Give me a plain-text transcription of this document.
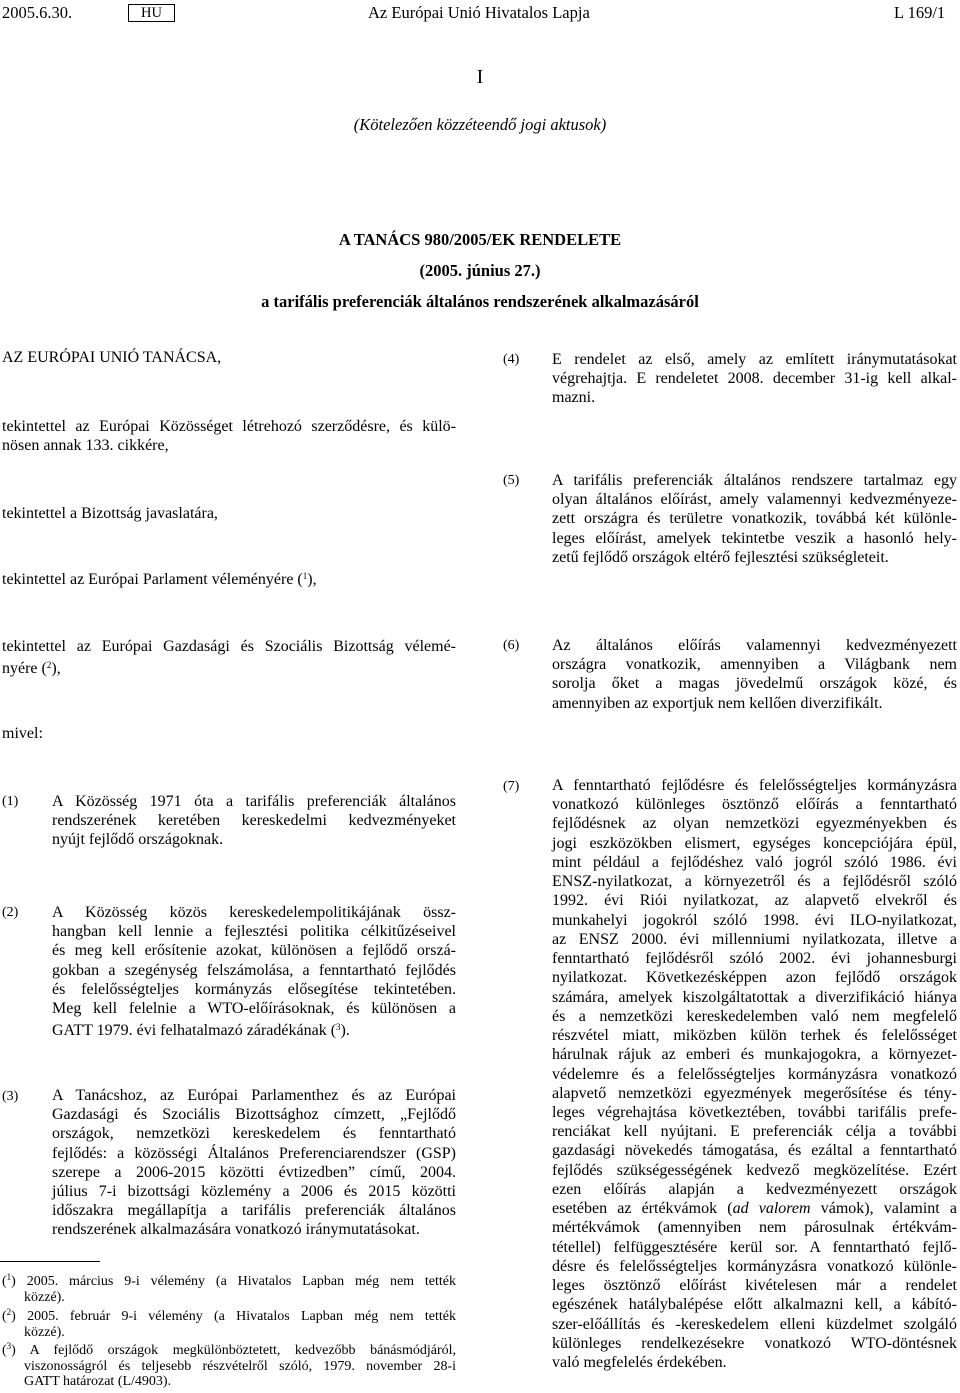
2005.6.30.	HU	Az Európai Unió Hivatalos Lapja	L 169/1
I
(Kötelezően közzéteendő jogi aktusok)
A TANÁCS 980/2005/EK RENDELETE
(2005. június 27.)
a tarifális preferenciák általános rendszerének alkalmazásáról
AZ EURÓPAI UNIÓ TANÁCSA,
tekintettel az Európai Közösséget létrehozó szerződésre, és külö-
nösen annak 133. cikkére,
tekintettel a Bizottság javaslatára,
tekintettel az Európai Parlament véleményére ($^1$),
tekintettel az Európai Gazdasági és Szociális Bizottság vélemé-
nyére ($^2$),
mivel:
(1) A Közösség 1971 óta a tarifális preferenciák általános
rendszerének keretében kereskedelmi kedvezményeket
nyújt fejlődő országoknak.
(2) A Közösség közös kereskedelempolitikájának össz-
hangban kell lennie a fejlesztési politika célkitűzéseivel
és meg kell erősítenie azokat, különösen a fejlődő orszá-
gokban a szegénység felszámolása, a fenntartható fejlődés
és felelősségteljes kormányzás elősegítése tekintetében.
Meg kell felelnie a WTO-előírásoknak, és különösen a
GATT 1979. évi felhatalmazó záradékának ($^3$).
(3) A Tanácshoz, az Európai Parlamenthez és az Európai
Gazdasági és Szociális Bizottsághoz címzett, „Fejlődő
országok, nemzetközi kereskedelem és fenntartható
fejlődés: a közösségi Általános Preferenciarendszer (GSP)
szerepe a 2006-2015 közötti évtizedben” című, 2004.
július 7-i bizottsági közlemény a 2006 és 2015 közötti
időszakra megállapítja a tarifális preferenciák általános
rendszerének alkalmazására vonatkozó iránymutatásokat.
($^1$) 2005. március 9-i vélemény (a Hivatalos Lapban még nem tették
közzé).
($^2$) 2005. február 9-i vélemény (a Hivatalos Lapban még nem tették
közzé).
($^3$) A fejlődő országok megkülönböztetett, kedvezőbb bánásmódjáról,
viszonosságról és teljesebb részvételről szóló, 1979. november 28-i
GATT határozat (L/4903).
(4) E rendelet az első, amely az említett iránymutatásokat
végrehajtja. E rendeletet 2008. december 31-ig kell alkal-
mazni.
(5) A tarifális preferenciák általános rendszere tartalmaz egy
olyan általános előírást, amely valamennyi kedvezményeze-
zett országra és területre vonatkozik, továbbá két különle-
leges előírást, amelyek tekintetbe veszik a hasonló hely-
zetű fejlődő országok eltérő fejlesztési szükségleteit.
(6) Az általános előírás valamennyi kedvezményezett
országra vonatkozik, amennyiben a Világbank nem
sorolja őket a magas jövedelmű országok közé, és
amennyiben az exportjuk nem kellően diverzifikált.
(7) A fenntartható fejlődésre és felelősségteljes kormányzásra
vonatkozó különleges ösztönző előírás a fenntartható
fejlődésnek az olyan nemzetközi egyezményekben és
jogi eszközökben elismert, egységes koncepciójára épül,
mint például a fejlődéshez való jogról szóló 1986. évi
ENSZ-nyilatkozat, a környezetről és a fejlődésről szóló
1992. évi Riói nyilatkozat, az alapvető elvekről és
munkahelyi jogokról szóló 1998. évi ILO-nyilatkozat,
az ENSZ 2000. évi millenniumi nyilatkozata, illetve a
fenntartható fejlődésről szóló 2002. évi johannesburgi
nyilatkozat. Következésképpen azon fejlődő országok
számára, amelyek kiszolgáltatottak a diverzifikáció hiánya
és a nemzetközi kereskedelemben való nem megfelelő
részvétel miatt, miközben külön terhek és felelősséget
hárulnak rájuk az emberi és munkajogokra, a környezet-
védelemre és a felelősségteljes kormányzásra vonatkozó
alapvető nemzetközi egyezmények megerősítése és tény-
leges végrehajtása következtében, további tarifális prefe-
renciákat kell nyújtani. E preferenciák célja a további
gazdasági növekedés támogatása, és ezáltal a fenntartható
fejlődés szükségességének kedvező megközelítése. Ezért
ezen előírás alapján a kedvezményezett országok
esetében az értékvámok (ad valorem vámok), valamint a
mértékvámok (amennyiben nem párosulnak értékvám-
tétellel) felfüggesztésére kerül sor. A fenntartható fejlő-
désre és felelősségteljes kormányzásra vonatkozó különle-
leges ösztönző előírást kivételesen már a rendelet
egészének hatálybalépése előtt alkalmazni kell, a kábító-
szer-előállítás és -kereskedelem elleni küzdelmet szolgáló
különleges rendelkezésekre vonatkozó WTO-döntésnek
való megfelelés érdekében.
